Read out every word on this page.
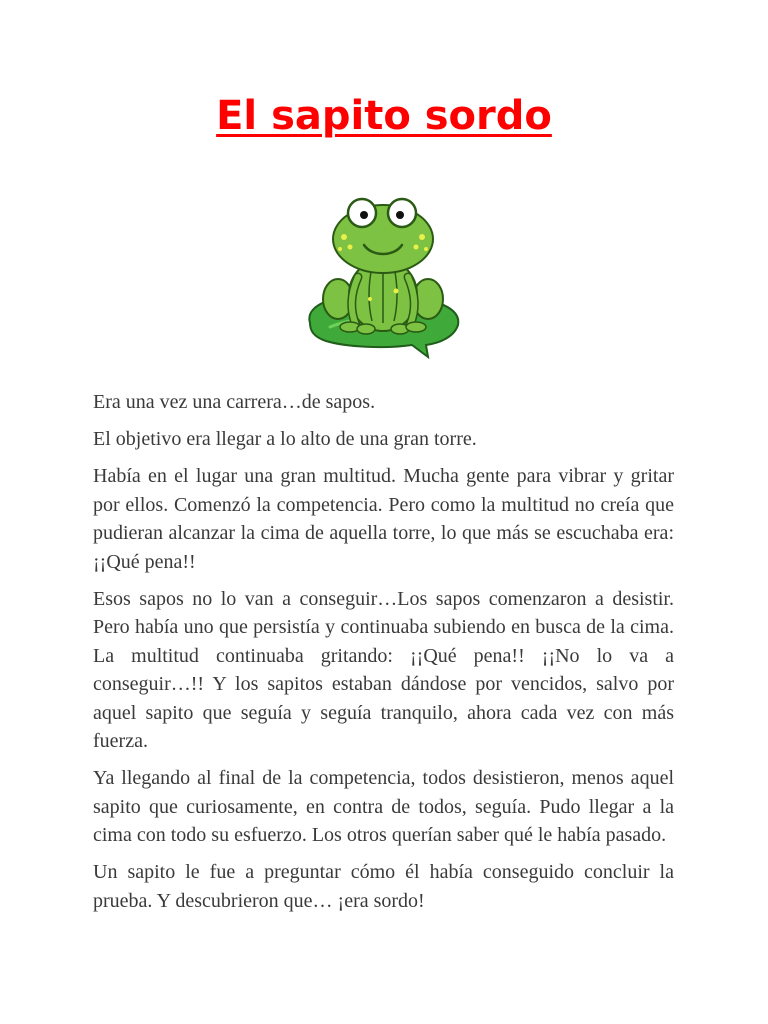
El sapito sordo

Era una vez una carrera…de sapos.

El objetivo era llegar a lo alto de una gran torre.

Había en el lugar una gran multitud. Mucha gente para vibrar y gritar por ellos. Comenzó la competencia. Pero como la multitud no creía que pudieran alcanzar la cima de aquella torre, lo que más se escuchaba era: ¡¡Qué pena!!

Esos sapos no lo van a conseguir…Los sapos comenzaron a desistir. Pero había uno que persistía y continuaba subiendo en busca de la cima. La multitud continuaba gritando: ¡¡Qué pena!! ¡¡No lo va a conseguir…!! Y los sapitos estaban dándose por vencidos, salvo por aquel sapito que seguía y seguía tranquilo, ahora cada vez con más fuerza.

Ya llegando al final de la competencia, todos desistieron, menos aquel sapito que curiosamente, en contra de todos, seguía. Pudo llegar a la cima con todo su esfuerzo. Los otros querían saber qué le había pasado.

Un sapito le fue a preguntar cómo él había conseguido concluir la prueba. Y descubrieron que… ¡era sordo!
